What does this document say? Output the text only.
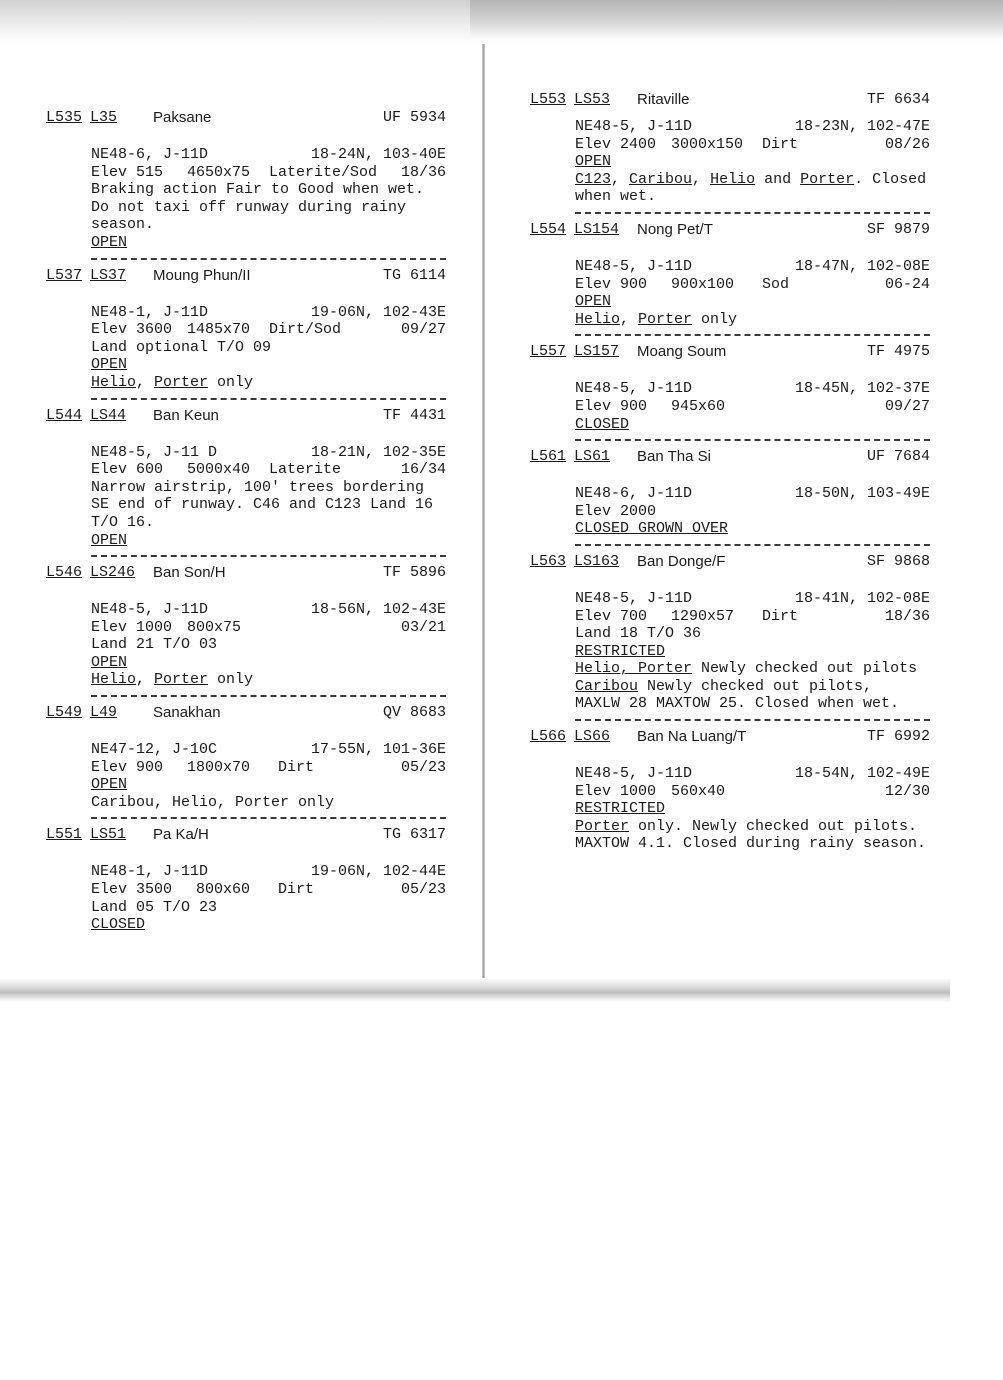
L535 L35 Paksane	UF 5934
NE48-6, J-11D	18-24N, 103-40E
Elev 515 4650x75 Laterite/Sod 18/36
Braking action Fair to Good when wet.
Do not taxi off runway during rainy
season.
OPEN
L537 LS37 Moung Phun/II	TG 6114
NE48-1, J-11D	19-06N, 102-43E
Elev 3600 1485x70 Dirt/Sod	09/27
Land optional T/O 09
OPEN
Helio, Porter only
L544 LS44 Ban Keun	TF 4431
NE48-5, J-11 D	18-21N, 102-35E
Elev 600 5000x40 Laterite	16/34
Narrow airstrip, 100' trees bordering
SE end of runway. C46 and C123 Land 16
T/O 16.
OPEN
L546 LS246 Ban Son/H	TF 5896
NE48-5, J-11D	18-56N, 102-43E
Elev 1000 800x75	03/21
Land 21 T/O 03
OPEN
Helio, Porter only
L549 L49 Sanakhan	QV 8683
NE47-12, J-10C	17-55N, 101-36E
Elev 900 1800x70 Dirt	05/23
OPEN
Caribou, Helio, Porter only
L551 LS51 Pa Ka/H	TG 6317
NE48-1, J-11D	19-06N, 102-44E
Elev 3500 800x60 Dirt	05/23
Land 05 T/O 23
CLOSED
L553 LS53 Ritaville	TF 6634
NE48-5, J-11D	18-23N, 102-47E
Elev 2400 3000x150 Dirt	08/26
OPEN
C123, Caribou, Helio and Porter. Closed
when wet.
L554 LS154 Nong Pet/T	SF 9879
NE48-5, J-11D	18-47N, 102-08E
Elev 900 900x100 Sod	06-24
OPEN
Helio, Porter only
L557 LS157 Moang Soum	TF 4975
NE48-5, J-11D	18-45N, 102-37E
Elev 900 945x60	09/27
CLOSED
L561 LS61 Ban Tha Si	UF 7684
NE48-6, J-11D	18-50N, 103-49E
Elev 2000
CLOSED GROWN OVER
L563 LS163 Ban Donge/F	SF 9868
NE48-5, J-11D	18-41N, 102-08E
Elev 700 1290x57 Dirt	18/36
Land 18 T/O 36
RESTRICTED
Helio, Porter Newly checked out pilots
Caribou Newly checked out pilots,
MAXLW 28 MAXTOW 25. Closed when wet.
L566 LS66 Ban Na Luang/T	TF 6992
NE48-5, J-11D	18-54N, 102-49E
Elev 1000 560x40	12/30
RESTRICTED
Porter only. Newly checked out pilots.
MAXTOW 4.1. Closed during rainy season.
